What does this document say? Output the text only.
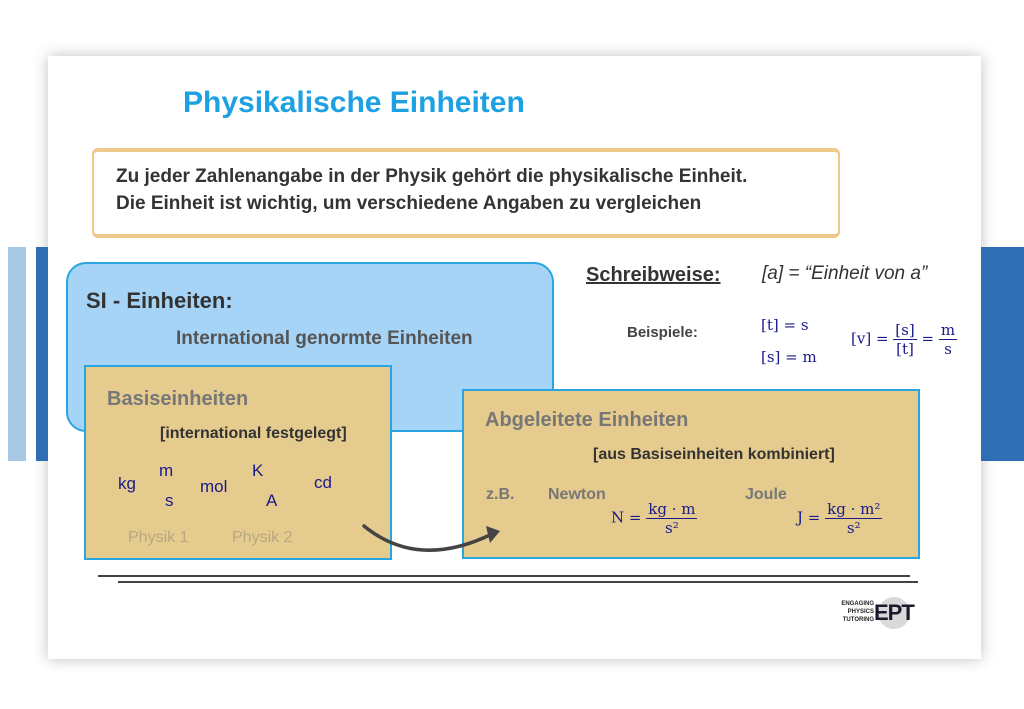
Physikalische Einheiten
Zu jeder Zahlenangabe in der Physik gehört die physikalische Einheit.
Die Einheit ist wichtig, um verschiedene Angaben zu vergleichen
SI - Einheiten:
International genormte Einheiten
Basiseinheiten
[international festgelegt]
kg
m
s
mol
K
A
cd
Physik 1	Physik 2
Abgeleitete Einheiten
[aus Basiseinheiten kombiniert]
z.B. Newton	Joule
$N = \frac{kg \cdot m}{\text{s²}}$	$J = \frac{\text{kg · m²}}{\text{s²}}$
Schreibweise: [a] = “Einheit von a”
Beispiele:	[t] = s
[s] = m
$[v] = \frac{[s]}{[t]} = \frac{m}{s}$
ENGAGING
PHYSICS
TUTORING EPT
